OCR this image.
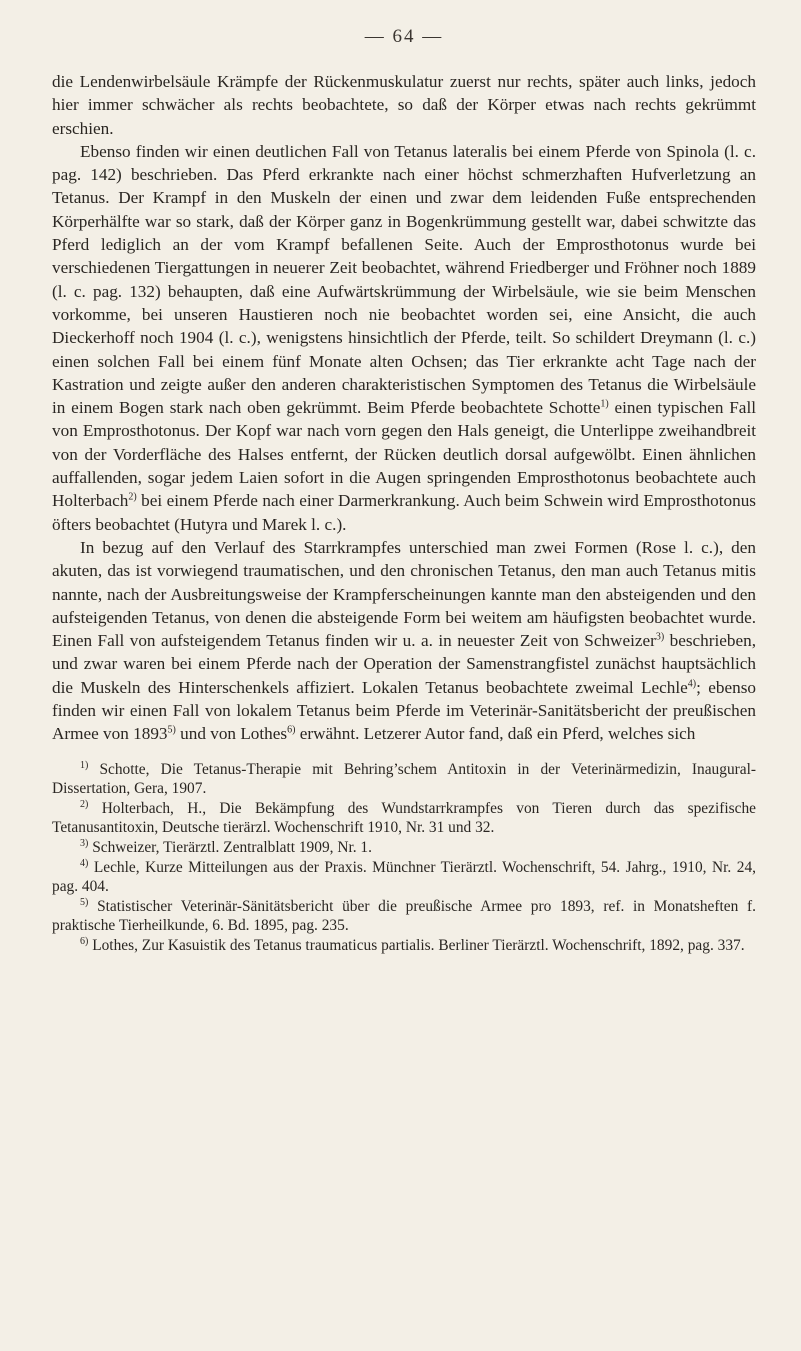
— 64 —

die Lendenwirbelsäule Krämpfe der Rückenmuskulatur zuerst nur rechts, später auch links, jedoch hier immer schwächer als rechts beobachtete, so daß der Körper etwas nach rechts gekrümmt erschien.

Ebenso finden wir einen deutlichen Fall von Tetanus lateralis bei einem Pferde von Spinola (l. c. pag. 142) beschrieben. Das Pferd erkrankte nach einer höchst schmerzhaften Hufverletzung an Tetanus. Der Krampf in den Muskeln der einen und zwar dem leidenden Fuße entsprechenden Körperhälfte war so stark, daß der Körper ganz in Bogenkrümmung gestellt war, dabei schwitzte das Pferd lediglich an der vom Krampf befallenen Seite. Auch der Emprosthotonus wurde bei verschiedenen Tiergattungen in neuerer Zeit beobachtet, während Friedberger und Fröhner noch 1889 (l. c. pag. 132) behaupten, daß eine Aufwärtskrümmung der Wirbelsäule, wie sie beim Menschen vorkomme, bei unseren Haustieren noch nie beobachtet worden sei, eine Ansicht, die auch Dieckerhoff noch 1904 (l. c.), wenigstens hinsichtlich der Pferde, teilt. So schildert Dreymann (l. c.) einen solchen Fall bei einem fünf Monate alten Ochsen; das Tier erkrankte acht Tage nach der Kastration und zeigte außer den anderen charakteristischen Symptomen des Tetanus die Wirbelsäule in einem Bogen stark nach oben gekrümmt. Beim Pferde beobachtete Schotte$^{1)}$ einen typischen Fall von Emprosthotonus. Der Kopf war nach vorn gegen den Hals geneigt, die Unterlippe zweihandbreit von der Vorderfläche des Halses entfernt, der Rücken deutlich dorsal aufgewölbt. Einen ähnlichen auffallenden, sogar jedem Laien sofort in die Augen springenden Emprosthotonus beobachtete auch Holterbach$^{2)}$ bei einem Pferde nach einer Darmerkrankung. Auch beim Schwein wird Emprosthotonus öfters beobachtet (Hutyra und Marek l. c.).

In bezug auf den Verlauf des Starrkrampfes unterschied man zwei Formen (Rose l. c.), den akuten, das ist vorwiegend traumatischen, und den chronischen Tetanus, den man auch Tetanus mitis nannte, nach der Ausbreitungsweise der Krampferscheinungen kannte man den absteigenden und den aufsteigenden Tetanus, von denen die absteigende Form bei weitem am häufigsten beobachtet wurde. Einen Fall von aufsteigendem Tetanus finden wir u. a. in neuester Zeit von Schweizer$^{3)}$ beschrieben, und zwar waren bei einem Pferde nach der Operation der Samenstrangfistel zunächst hauptsächlich die Muskeln des Hinterschenkels affiziert. Lokalen Tetanus beobachtete zweimal Lechle$^{4)}$; ebenso finden wir einen Fall von lokalem Tetanus beim Pferde im Veterinär-Sanitätsbericht der preußischen Armee von 1893$^{5)}$ und von Lothes$^{6)}$ erwähnt. Letzerer Autor fand, daß ein Pferd, welches sich

$^{1)}$ Schotte, Die Tetanus-Therapie mit Behring’schem Antitoxin in der Veterinärmedizin, Inaugural-Dissertation, Gera, 1907.

$^{2)}$ Holterbach, H., Die Bekämpfung des Wundstarrkrampfes von Tieren durch das spezifische Tetanusantitoxin, Deutsche tierärzl. Wochenschrift 1910, Nr. 31 und 32.

$^{3)}$ Schweizer, Tierärztl. Zentralblatt 1909, Nr. 1.

$^{4)}$ Lechle, Kurze Mitteilungen aus der Praxis. Münchner Tierärztl. Wochenschrift, 54. Jahrg., 1910, Nr. 24, pag. 404.

$^{5)}$ Statistischer Veterinär-Sänitätsbericht über die preußische Armee pro 1893, ref. in Monatsheften f. praktische Tierheilkunde, 6. Bd. 1895, pag. 235.

$^{6)}$ Lothes, Zur Kasuistik des Tetanus traumaticus partialis. Berliner Tierärztl. Wochenschrift, 1892, pag. 337.
